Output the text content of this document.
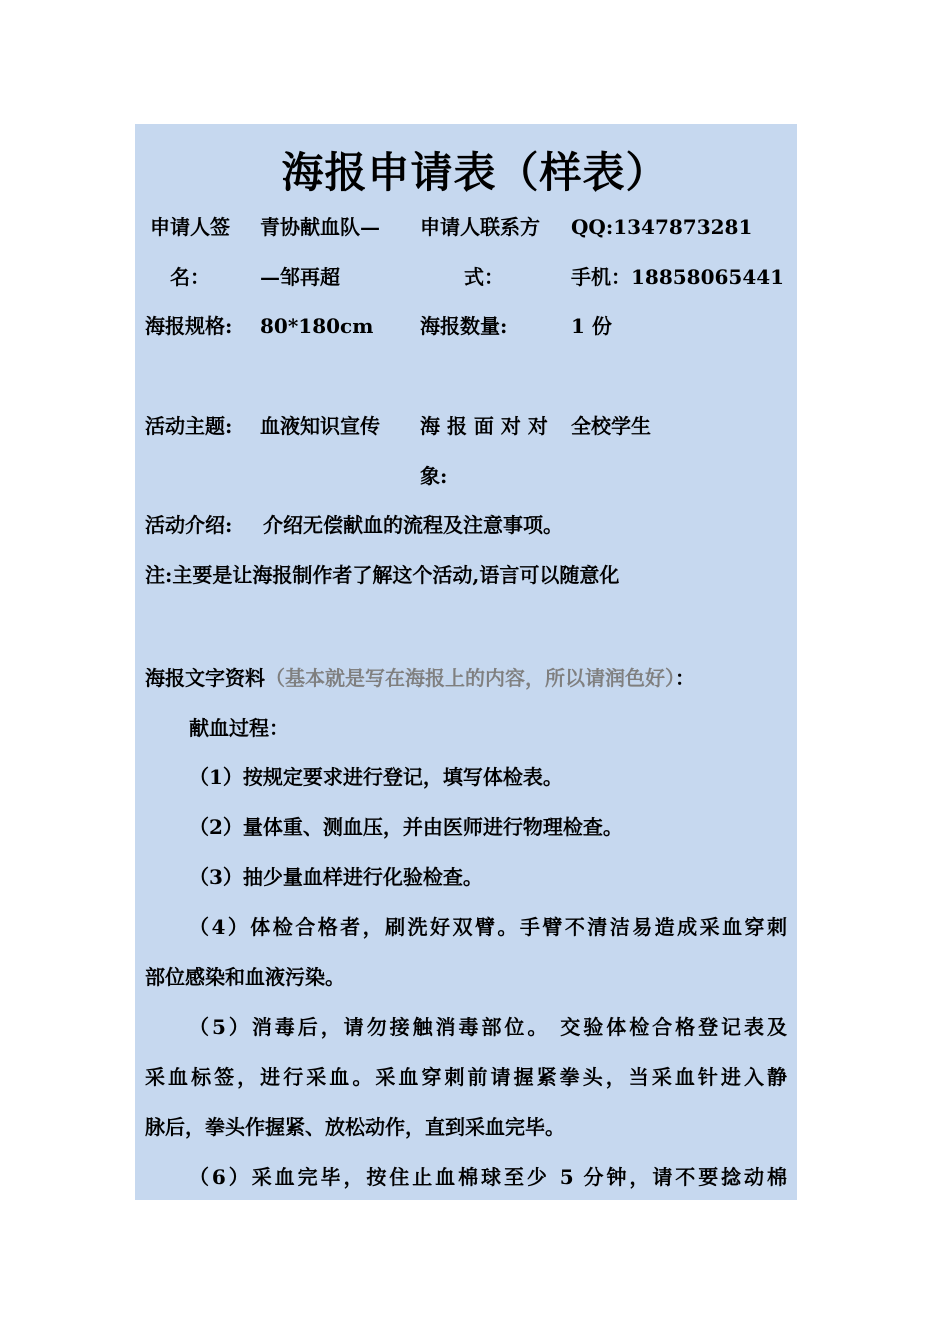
海报申请表（样表）
申请人签
名：
青协献血队—
—邹再超
申请人联系方
式：
QQ:1347873281
手机：18858065441
海报规格: 80*180cm 海报数量:	1 份
活动主题: 血液知识宣传 海 报 面 对 对
象:
全校学生
活动介绍: 介绍无偿献血的流程及注意事项。
注:主要是让海报制作者了解这个活动,语言可以随意化
海报文字资料（基本就是写在海报上的内容，所以请润色好）：
献血过程：
（1）按规定要求进行登记，填写体检表。
（2）量体重、测血压，并由医师进行物理检查。
（3）抽少量血样进行化验检查。
（4）体检合格者，刷洗好双臂。手臂不清洁易造成采血穿刺
部位感染和血液污染。
（5）消毒后，请勿接触消毒部位。 交验体检合格登记表及
采血标签，进行采血。采血穿刺前请握紧拳头，当采血针进入静
脉后，拳头作握紧、放松动作，直到采血完毕。
（6）采血完毕，按住止血棉球至少 5 分钟，请不要捻动棉
